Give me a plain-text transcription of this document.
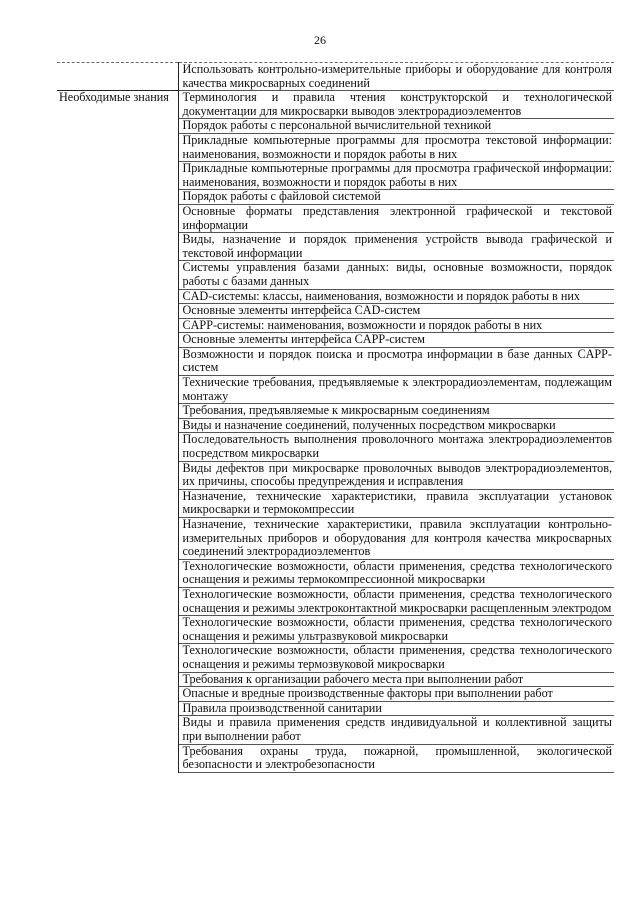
26
	Использовать контрольно-измерительные приборы и оборудование для контроля качества микросварных соединений
Необходимые знания	Терминология и правила чтения конструкторской и технологической документации для микросварки выводов электрорадиоэлементов
	Порядок работы с персональной вычислительной техникой
	Прикладные компьютерные программы для просмотра текстовой информации: наименования, возможности и порядок работы в них
	Прикладные компьютерные программы для просмотра графической информации: наименования, возможности и порядок работы в них
	Порядок работы с файловой системой
	Основные форматы представления электронной графической и текстовой информации
	Виды, назначение и порядок применения устройств вывода графической и текстовой информации
	Системы управления базами данных: виды, основные возможности, порядок работы с базами данных
	CAD-системы: классы, наименования, возможности и порядок работы в них
	Основные элементы интерфейса CAD-систем
	CAPP-системы: наименования, возможности и порядок работы в них
	Основные элементы интерфейса CAPP-систем
	Возможности и порядок поиска и просмотра информации в базе данных CAPP-систем
	Технические требования, предъявляемые к электрорадиоэлементам, подлежащим монтажу
	Требования, предъявляемые к микросварным соединениям
	Виды и назначение соединений, полученных посредством микросварки
	Последовательность выполнения проволочного монтажа электрорадиоэлементов посредством микросварки
	Виды дефектов при микросварке проволочных выводов электрорадиоэлементов, их причины, способы предупреждения и исправления
	Назначение, технические характеристики, правила эксплуатации установок микросварки и термокомпрессии
	Назначение, технические характеристики, правила эксплуатации контрольно-измерительных приборов и оборудования для контроля качества микросварных соединений электрорадиоэлементов
	Технологические возможности, области применения, средства технологического оснащения и режимы термокомпрессионной микросварки
	Технологические возможности, области применения, средства технологического оснащения и режимы электроконтактной микросварки расщепленным электродом
	Технологические возможности, области применения, средства технологического оснащения и режимы ультразвуковой микросварки
	Технологические возможности, области применения, средства технологического оснащения и режимы термозвуковой микросварки
	Требования к организации рабочего места при выполнении работ
	Опасные и вредные производственные факторы при выполнении работ
	Правила производственной санитарии
	Виды и правила применения средств индивидуальной и коллективной защиты при выполнении работ
	Требования охраны труда, пожарной, промышленной, экологической безопасности и электробезопасности
